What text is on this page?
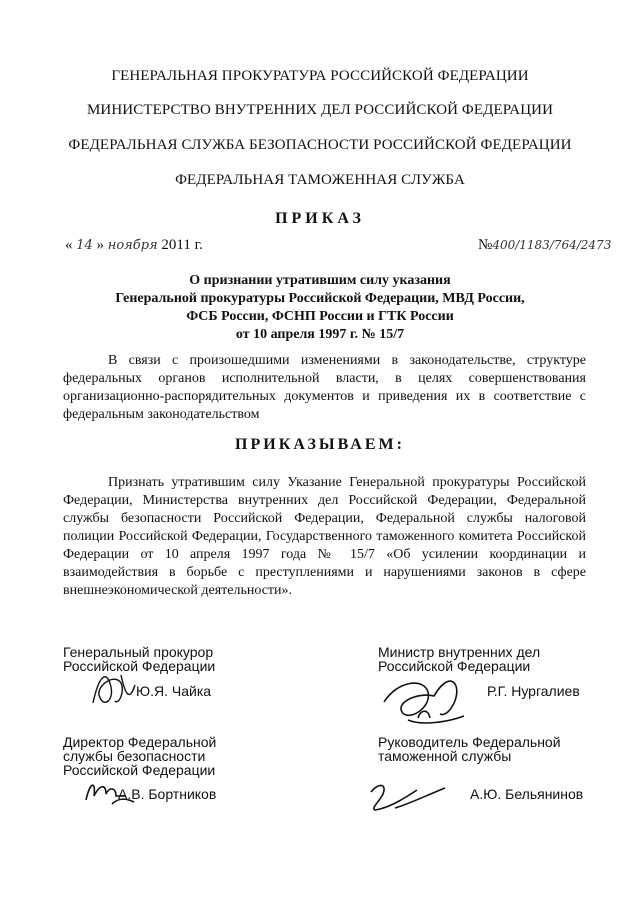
ГЕНЕРАЛЬНАЯ ПРОКУРАТУРА РОССИЙСКОЙ ФЕДЕРАЦИИ
МИНИСТЕРСТВО ВНУТРЕННИХ ДЕЛ РОССИЙСКОЙ ФЕДЕРАЦИИ
ФЕДЕРАЛЬНАЯ СЛУЖБА БЕЗОПАСНОСТИ РОССИЙСКОЙ ФЕДЕРАЦИИ
ФЕДЕРАЛЬНАЯ ТАМОЖЕННАЯ СЛУЖБА
ПРИКАЗ
« 14 » ноября 2011 г.	№400/1183/764/2473
О признании утратившим силу указания
Генеральной прокуратуры Российской Федерации, МВД России,
ФСБ России, ФСНП России и ГТК России
от 10 апреля 1997 г. № 15/7
В связи с произошедшими изменениями в законодательстве, структуре федеральных органов исполнительной власти, в целях совершенствования организационно-распорядительных документов и приведения их в соответствие с федеральным законодательством
ПРИКАЗЫВАЕМ:
Признать утратившим силу Указание Генеральной прокуратуры Российской Федерации, Министерства внутренних дел Российской Федерации, Федеральной службы безопасности Российской Федерации, Федеральной службы налоговой полиции Российской Федерации, Государственного таможенного комитета Российской Федерации от 10 апреля 1997 года № 15/7 «Об усилении координации и взаимодействия в борьбе с преступлениями и нарушениями законов в сфере внешнеэкономической деятельности».
Генеральный прокурор
Российской Федерации
Ю.Я. Чайка
Министр внутренних дел
Российской Федерации
Р.Г. Нургалиев
Директор Федеральной
службы безопасности
Российской Федерации
А.В. Бортников
Руководитель Федеральной
таможенной службы
А.Ю. Бельянинов
